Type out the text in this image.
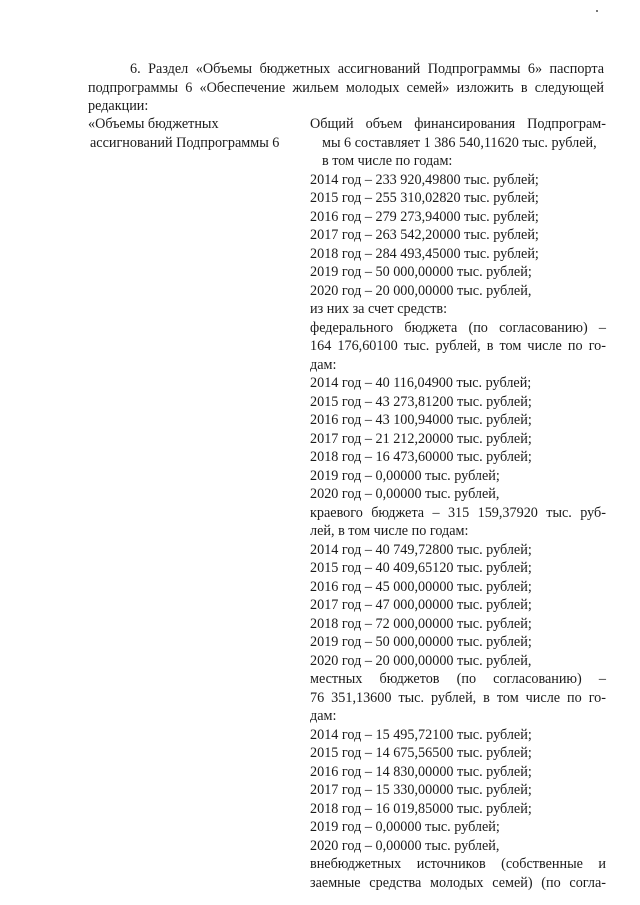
6. Раздел «Объемы бюджетных ассигнований Подпрограммы 6» паспорта
подпрограммы 6 «Обеспечение жильем молодых семей» изложить в следующей
редакции:
«Объемы бюджетных
ассигнований Подпрограммы 6
Общий объем финансирования Подпрограм-
мы 6 составляет 1 386 540,11620 тыс. рублей,
в том числе по годам:
2014 год – 233 920,49800 тыс. рублей;
2015 год – 255 310,02820 тыс. рублей;
2016 год – 279 273,94000 тыс. рублей;
2017 год – 263 542,20000 тыс. рублей;
2018 год – 284 493,45000 тыс. рублей;
2019 год – 50 000,00000 тыс. рублей;
2020 год – 20 000,00000 тыс. рублей,
из них за счет средств:
федерального бюджета (по согласованию) –
164 176,60100 тыс. рублей, в том числе по го-
дам:
2014 год – 40 116,04900 тыс. рублей;
2015 год – 43 273,81200 тыс. рублей;
2016 год – 43 100,94000 тыс. рублей;
2017 год – 21 212,20000 тыс. рублей;
2018 год – 16 473,60000 тыс. рублей;
2019 год – 0,00000 тыс. рублей;
2020 год – 0,00000 тыс. рублей,
краевого бюджета – 315 159,37920 тыс. руб-
лей, в том числе по годам:
2014 год – 40 749,72800 тыс. рублей;
2015 год – 40 409,65120 тыс. рублей;
2016 год – 45 000,00000 тыс. рублей;
2017 год – 47 000,00000 тыс. рублей;
2018 год – 72 000,00000 тыс. рублей;
2019 год – 50 000,00000 тыс. рублей;
2020 год – 20 000,00000 тыс. рублей,
местных бюджетов (по согласованию) –
76 351,13600 тыс. рублей, в том числе по го-
дам:
2014 год – 15 495,72100 тыс. рублей;
2015 год – 14 675,56500 тыс. рублей;
2016 год – 14 830,00000 тыс. рублей;
2017 год – 15 330,00000 тыс. рублей;
2018 год – 16 019,85000 тыс. рублей;
2019 год – 0,00000 тыс. рублей;
2020 год – 0,00000 тыс. рублей,
внебюджетных источников (собственные и
заемные средства молодых семей) (по согла-
